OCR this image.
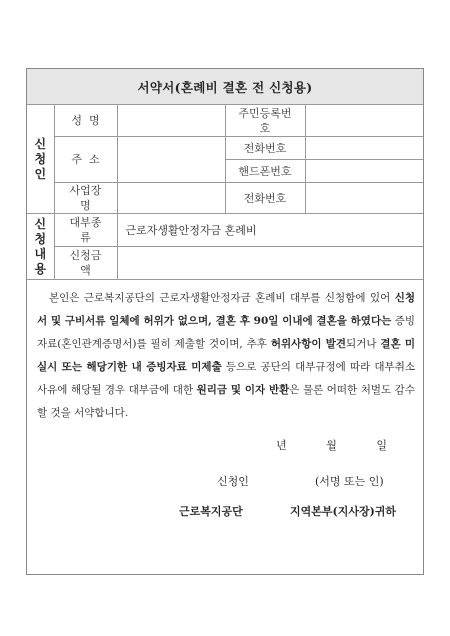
서약서(혼례비 결혼 전 신청용)
신
청
인	성  명		주민등록번
호	
	주  소		전화번호	
			핸드폰번호	
	사업장
명		전화번호	
신
청
내
용	대부종
류	근로자생활안정자금 혼례비		
	신청금
액			

본인은 근로복지공단의 근로자생활안정자금 혼례비 대부를 신청함에 있어 신청서 및 구비서류 일체에 허위가 없으며, 결혼 후 90일 이내에 결혼을 하였다는 증빙자료(혼인관계증명서)를 필히 제출할 것이며, 추후 허위사항이 발견되거나 결혼 미실시 또는 해당기한 내 증빙자료 미제출 등으로 공단의 대부규정에 따라 대부취소 사유에 해당될 경우 대부금에 대한 원리금 및 이자 반환은 물론 어떠한 처벌도 감수할 것을 서약합니다.

년	월	일
신청인	(서명 또는 인)
근로복지공단	지역본부(지사장)귀하
